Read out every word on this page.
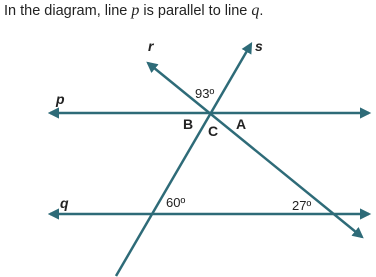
In the diagram, line p is parallel to line q.
p
q
r	s
B C A
93º
60º	27º
